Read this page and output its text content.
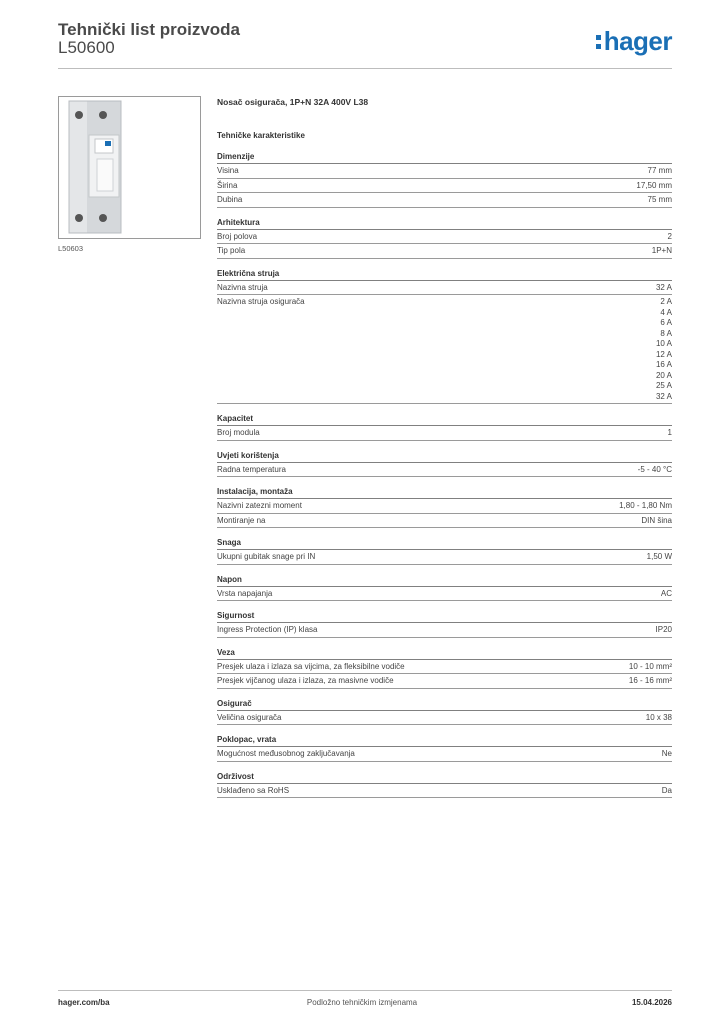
Tehnički list proizvoda
L50600	hager
L50603
Nosač osigurača, 1P+N 32A 400V L38
Tehničke karakteristike
Dimenzije
Visina	77 mm
Širina	17,50 mm
Dubina	75 mm
Arhitektura
Broj polova	2
Tip pola	1P+N
Električna struja
Nazivna struja	32 A
Nazivna struja osigurača	2 A
4 A
6 A
8 A
10 A
12 A
16 A
20 A
25 A
32 A
Kapacitet
Broj modula	1
Uvjeti korištenja
Radna temperatura	-5 - 40 °C
Instalacija, montaža
Nazivni zatezni moment	1,80 - 1,80 Nm
Montiranje na	DIN šina
Snaga
Ukupni gubitak snage pri IN	1,50 W
Napon
Vrsta napajanja	AC
Sigurnost
Ingress Protection (IP) klasa	IP20
Veza
Presjek ulaza i izlaza sa vijcima, za fleksibilne vodiče	10 - 10 mm²
Presjek vijčanog ulaza i izlaza, za masivne vodiče	16 - 16 mm²
Osigurač
Veličina osigurača	10 x 38
Poklopac, vrata
Mogućnost međusobnog zaključavanja	Ne
Održivost
Usklađeno sa RoHS	Da
Podložno tehničkim izmjenama
hager.com/ba	15.04.2026
